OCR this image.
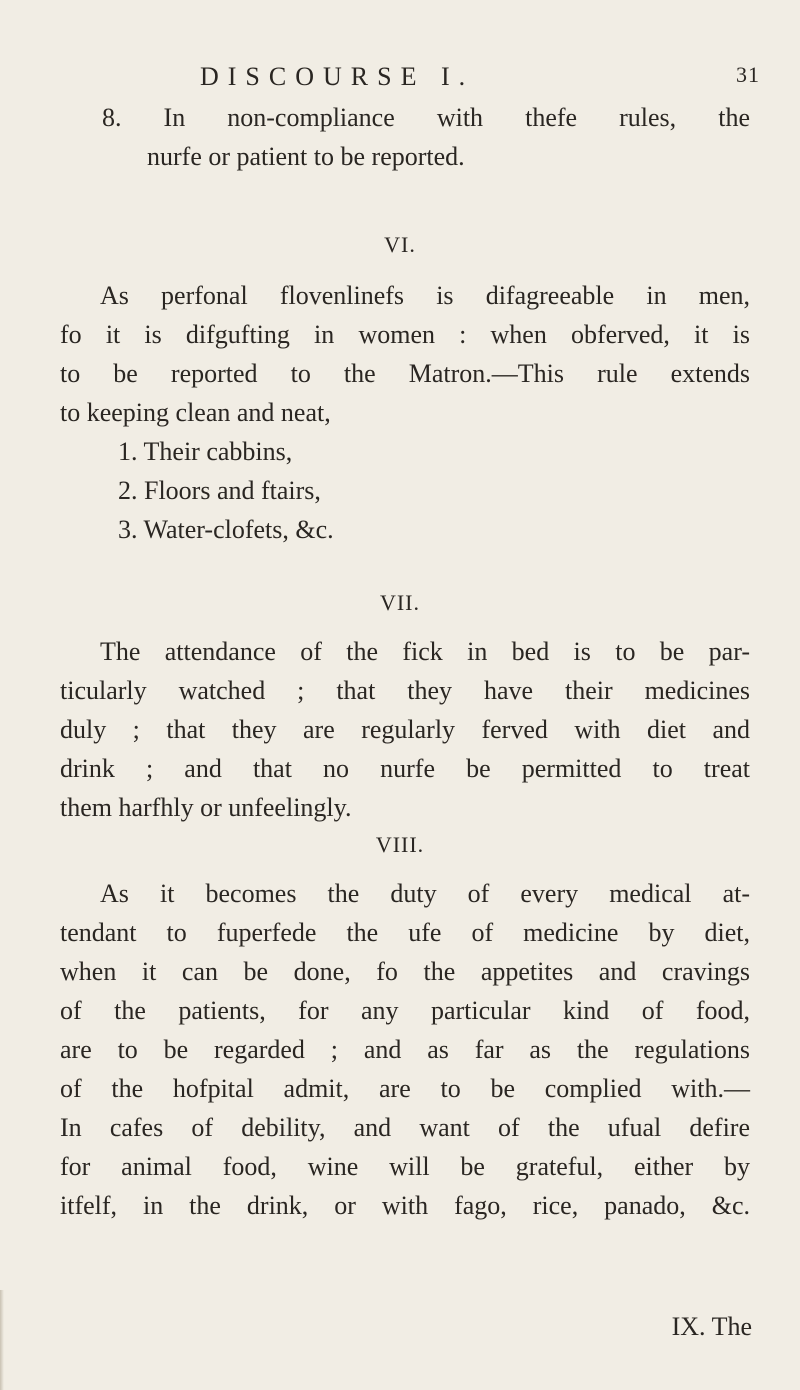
DISCOURSE I.	31
8. In non-compliance with thefe rules, the
nurfe or patient to be reported.
VI.
As perfonal flovenlinefs is difagreeable in men,
fo it is difgufting in women : when obferved, it is
to be reported to the Matron.—This rule extends
to keeping clean and neat,
1. Their cabbins,
2. Floors and ftairs,
3. Water-clofets, &c.
VII.
The attendance of the fick in bed is to be par-
ticularly watched ; that they have their medicines
duly ; that they are regularly ferved with diet and
drink ; and that no nurfe be permitted to treat
them harfhly or unfeelingly.
VIII.
As it becomes the duty of every medical at-
tendant to fuperfede the ufe of medicine by diet,
when it can be done, fo the appetites and cravings
of the patients, for any particular kind of food,
are to be regarded ; and as far as the regulations
of the hofpital admit, are to be complied with.—
In cafes of debility, and want of the ufual defire
for animal food, wine will be grateful, either by
itfelf, in the drink, or with fago, rice, panado, &c.
IX. The
